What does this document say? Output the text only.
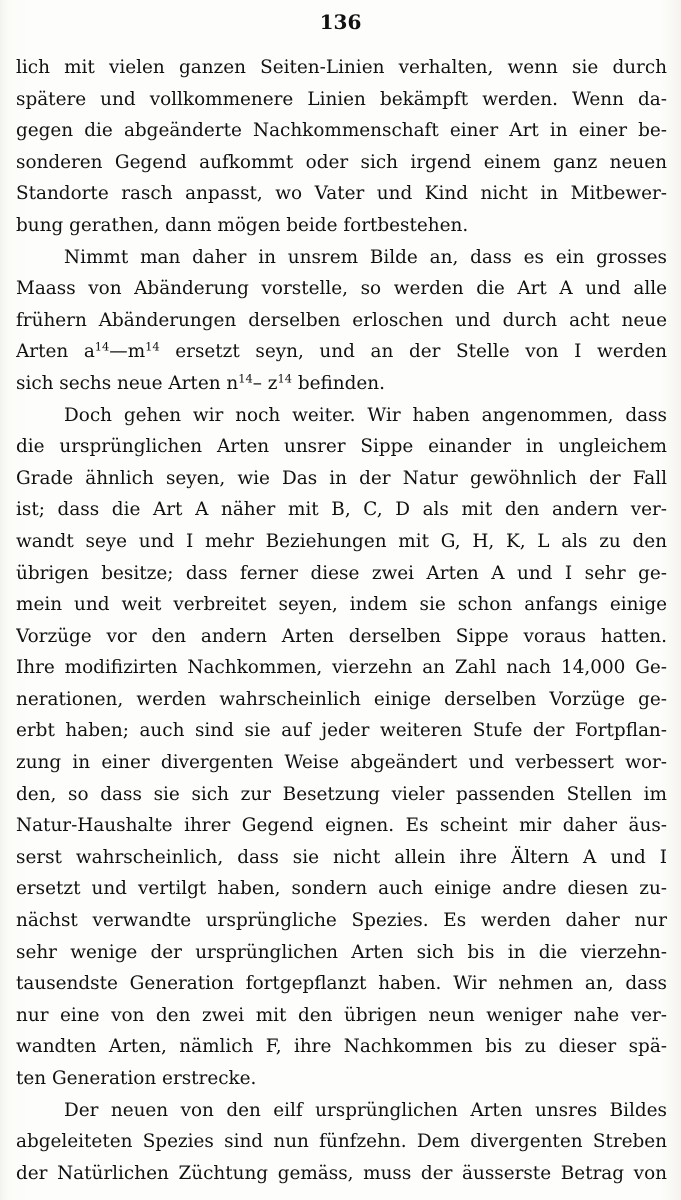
136
lich mit vielen ganzen Seiten-Linien verhalten, wenn sie durch
spätere und vollkommenere Linien bekämpft werden. Wenn da-
gegen die abgeänderte Nachkommenschaft einer Art in einer be-
sonderen Gegend aufkommt oder sich irgend einem ganz neuen
Standorte rasch anpasst, wo Vater und Kind nicht in Mitbewer-
bung gerathen, dann mögen beide fortbestehen.
Nimmt man daher in unsrem Bilde an, dass es ein grosses
Maass von Abänderung vorstelle, so werden die Art A und alle
frühern Abänderungen derselben erloschen und durch acht neue
Arten $a^{14}—m^{14}$ ersetzt seyn, und an der Stelle von I werden
sich sechs neue Arten $n^{14}-$ $z^{14}$ befinden.
Doch gehen wir noch weiter. Wir haben angenommen, dass
die ursprünglichen Arten unsrer Sippe einander in ungleichem
Grade ähnlich seyen, wie Das in der Natur gewöhnlich der Fall
ist; dass die Art A näher mit B, C, D als mit den andern ver-
wandt seye und I mehr Beziehungen mit G, H, K, L als zu den
übrigen besitze; dass ferner diese zwei Arten A und I sehr ge-
mein und weit verbreitet seyen, indem sie schon anfangs einige
Vorzüge vor den andern Arten derselben Sippe voraus hatten.
Ihre modifizirten Nachkommen, vierzehn an Zahl nach 14,000 Ge-
nerationen, werden wahrscheinlich einige derselben Vorzüge ge-
erbt haben; auch sind sie auf jeder weiteren Stufe der Fortpflan-
zung in einer divergenten Weise abgeändert und verbessert wor-
den, so dass sie sich zur Besetzung vieler passenden Stellen im
Natur-Haushalte ihrer Gegend eignen. Es scheint mir daher äus-
serst wahrscheinlich, dass sie nicht allein ihre Ältern A und I
ersetzt und vertilgt haben, sondern auch einige andre diesen zu-
nächst verwandte ursprüngliche Spezies. Es werden daher nur
sehr wenige der ursprünglichen Arten sich bis in die vierzehn-
tausendste Generation fortgepflanzt haben. Wir nehmen an, dass
nur eine von den zwei mit den übrigen neun weniger nahe ver-
wandten Arten, nämlich F, ihre Nachkommen bis zu dieser spä-
ten Generation erstrecke.
Der neuen von den eilf ursprünglichen Arten unsres Bildes
abgeleiteten Spezies sind nun fünfzehn. Dem divergenten Streben
der Natürlichen Züchtung gemäss, muss der äusserste Betrag von
